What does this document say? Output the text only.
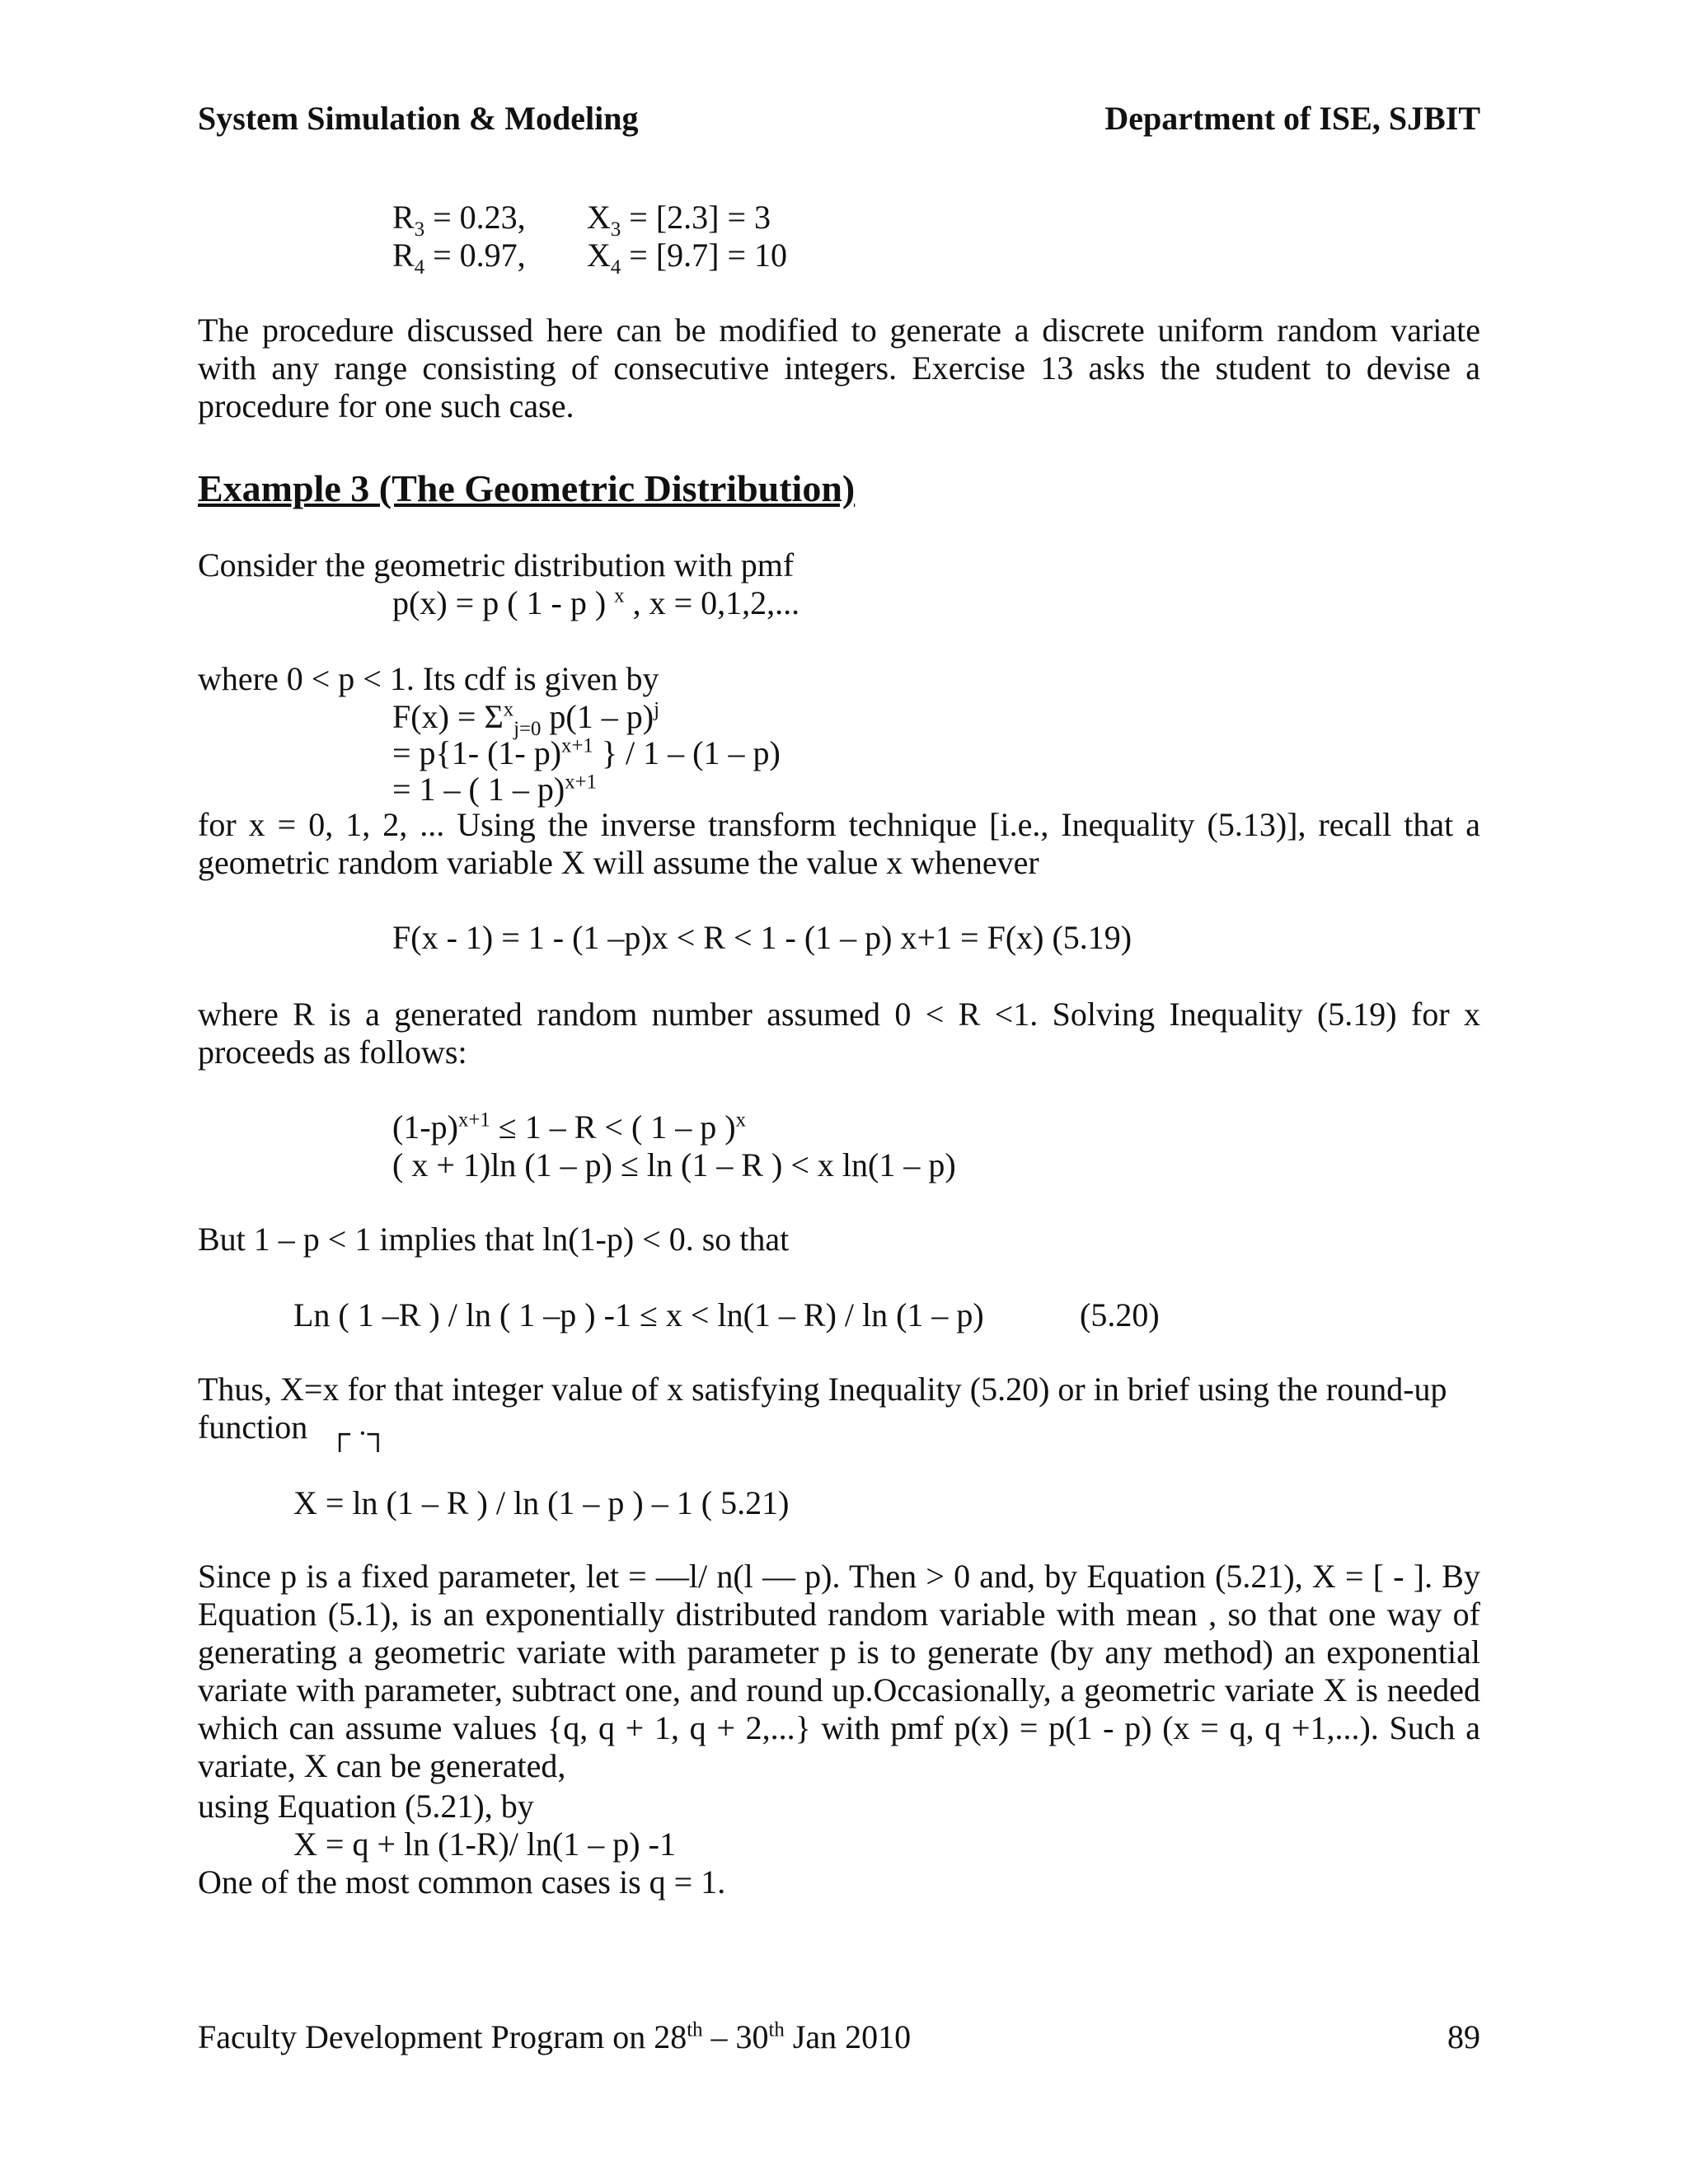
System Simulation & Modeling	Department of ISE, SJBIT
$R_3 = 0.23$, $X_3 = [2.3] = 3$
$R_4 = 0.97$, $X_4 = [9.7] = 10$
The procedure discussed here can be modified to generate a discrete uniform random variate with any range consisting of consecutive integers. Exercise 13 asks the student to devise a procedure for one such case.
Example 3 (The Geometric Distribution)
Consider the geometric distribution with pmf
p(x) = p ( 1 - p ) $^x$ , x = 0,1,2,...
where 0 < p < 1. Its cdf is given by
$F(x) = \Sigma^x_{j=0}$ p(1 – p)$^j$
= p{1- (1- p)$^{x+1}$ } / 1 – (1 – p)
= 1 – ( 1 – p)$^{x+1}$
for x = 0, 1, 2, ... Using the inverse transform technique [i.e., Inequality (5.13)], recall that a geometric random variable X will assume the value x whenever
F(x - 1) = 1 - (1 –p)x < R < 1 - (1 – p) x+1 = F(x) (5.19)
where R is a generated random number assumed 0 < R <1. Solving Inequality (5.19) for x proceeds as follows:
$(1-p)^{x+1} \le 1 - R$ < ( 1 – p )$^x$
( x + 1)ln (1 – p) ≤ ln (1 – R ) < x ln(1 – p)
But 1 – p < 1 implies that ln(1-p) < 0. so that
Ln ( 1 –R ) / ln ( 1 –p ) -1 ≤ x < ln(1 – R) / ln (1 – p)	(5.20)
Thus, X=x for that integer value of x satisfying Inequality (5.20) or in brief using the round-up
function ┌ ·┐
X = ln (1 – R ) / ln (1 – p ) – 1 ( 5.21)
Since p is a fixed parameter, let = —l/ n(l — p). Then > 0 and, by Equation (5.21), X = [ - ]. By Equation (5.1), is an exponentially distributed random variable with mean , so that one way of generating a geometric variate with parameter p is to generate (by any method) an exponential variate with parameter, subtract one, and round up.Occasionally, a geometric variate X is needed which can assume values {q, q + 1, q + 2,...} with pmf p(x) = p(1 - p) (x = q, q +1,...). Such a variate, X can be generated,
using Equation (5.21), by
X = q + ln (1-R)/ ln(1 – p) -1
One of the most common cases is q = 1.
Faculty Development Program on 28th – 30th Jan 2010	89
